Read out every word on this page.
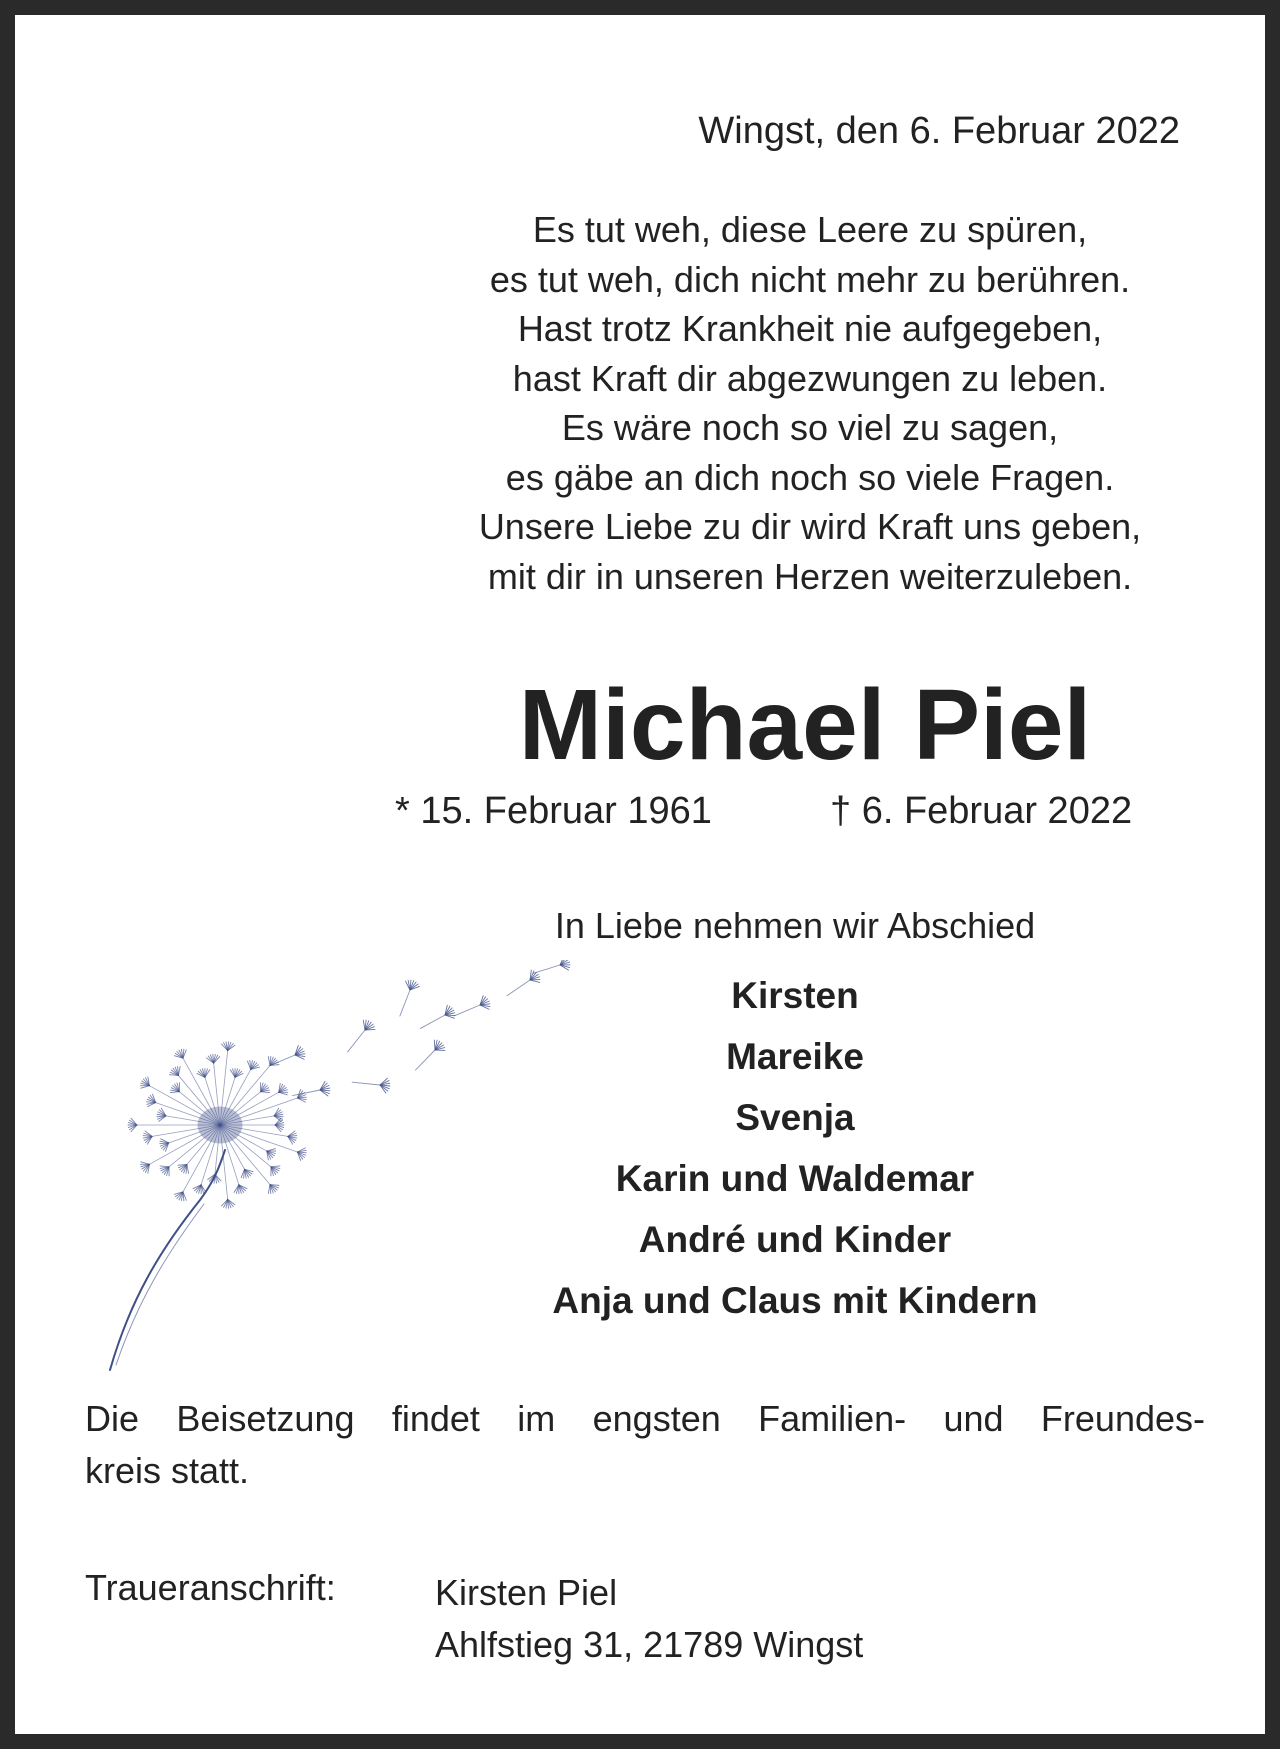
Wingst, den 6. Februar 2022
Es tut weh, diese Leere zu spüren,
es tut weh, dich nicht mehr zu berühren.
Hast trotz Krankheit nie aufgegeben,
hast Kraft dir abgezwungen zu leben.
Es wäre noch so viel zu sagen,
es gäbe an dich noch so viele Fragen.
Unsere Liebe zu dir wird Kraft uns geben,
mit dir in unseren Herzen weiterzuleben.
Michael Piel
* 15. Februar 1961	† 6. Februar 2022
In Liebe nehmen wir Abschied
Kirsten
Mareike
Svenja
Karin und Waldemar
André und Kinder
Anja und Claus mit Kindern
Die Beisetzung findet im engsten Familien- und Freundes-
kreis statt.
Traueranschrift:	Kirsten Piel
Ahlfstieg 31, 21789 Wingst
